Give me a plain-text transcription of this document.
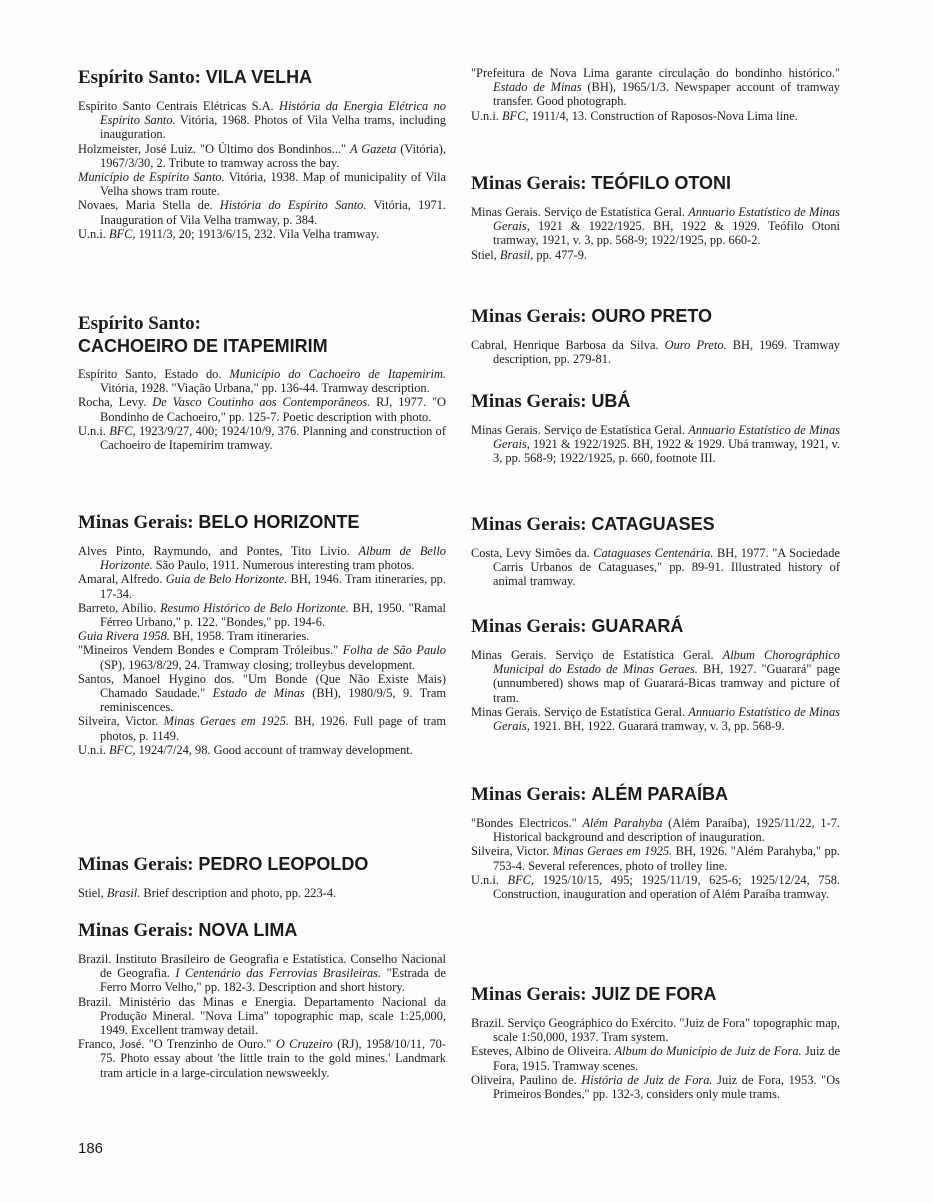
Espírito Santo: VILA VELHA

Espírito Santo Centrais Elétricas S.A. História da Energia Elétrica no Espírito Santo. Vitória, 1968. Photos of Vila Velha trams, including inauguration.

Holzmeister, José Luiz. "O Último dos Bondinhos..." A Gazeta (Vitória), 1967/3/30, 2. Tribute to tramway across the bay.

Município de Espírito Santo. Vitória, 1938. Map of municipality of Vila Velha shows tram route.

Novaes, Maria Stella de. História do Espírito Santo. Vitória, 1971. Inauguration of Vila Velha tramway, p. 384.

U.n.i. BFC, 1911/3, 20; 1913/6/15, 232. Vila Velha tramway.

Espírito Santo:
CACHOEIRO DE ITAPEMIRIM

Espírito Santo, Estado do. Município do Cachoeiro de Itapemirim. Vitória, 1928. "Viação Urbana," pp. 136-44. Tramway description.

Rocha, Levy. De Vasco Coutinho aos Contemporâneos. RJ, 1977. "O Bondinho de Cachoeiro," pp. 125-7. Poetic description with photo.

U.n.i. BFC, 1923/9/27, 400; 1924/10/9, 376. Planning and construction of Cachoeiro de Itapemirim tramway.

Minas Gerais: BELO HORIZONTE

Alves Pinto, Raymundo, and Pontes, Tito Livio. Album de Bello Horizonte. São Paulo, 1911. Numerous interesting tram photos.

Amaral, Alfredo. Guia de Belo Horizonte. BH, 1946. Tram itineraries, pp. 17-34.

Barreto, Abílio. Resumo Histórico de Belo Horizonte. BH, 1950. "Ramal Férreo Urbano," p. 122. "Bondes," pp. 194-6.

Guia Rivera 1958. BH, 1958. Tram itineraries.

"Mineiros Vendem Bondes e Compram Tróleibus." Folha de São Paulo (SP), 1963/8/29, 24. Tramway closing; trolleybus development.

Santos, Manoel Hygino dos. "Um Bonde (Que Não Existe Mais) Chamado Saudade." Estado de Minas (BH), 1980/9/5, 9. Tram reminiscences.

Silveira, Victor. Minas Geraes em 1925. BH, 1926. Full page of tram photos, p. 1149.

U.n.i. BFC, 1924/7/24, 98. Good account of tramway development.

Minas Gerais: PEDRO LEOPOLDO

Stiel, Brasil. Brief description and photo, pp. 223-4.

Minas Gerais: NOVA LIMA

Brazil. Instituto Brasileiro de Geografia e Estatística. Conselho Nacional de Geografia. I Centenário das Ferrovias Brasileiras. "Estrada de Ferro Morro Velho," pp. 182-3. Description and short history.

Brazil. Ministério das Minas e Energia. Departamento Nacional da Produção Mineral. "Nova Lima" topographic map, scale 1:25,000, 1949. Excellent tramway detail.

Franco, José. "O Trenzinho de Ouro." O Cruzeiro (RJ), 1958/10/11, 70-75. Photo essay about 'the little train to the gold mines.' Landmark tram article in a large-circulation newsweekly.

"Prefeitura de Nova Lima garante circulação do bondinho histórico." Estado de Minas (BH), 1965/1/3. Newspaper account of tramway transfer. Good photograph.

U.n.i. BFC, 1911/4, 13. Construction of Raposos-Nova Lima line.

Minas Gerais: TEÓFILO OTONI

Minas Gerais. Serviço de Estatística Geral. Annuario Estatístico de Minas Gerais, 1921 & 1922/1925. BH, 1922 & 1929. Teófilo Otoni tramway, 1921, v. 3, pp. 568-9; 1922/1925, pp. 660-2.

Stiel, Brasil, pp. 477-9.

Minas Gerais: OURO PRETO

Cabral, Henrique Barbosa da Silva. Ouro Preto. BH, 1969. Tramway description, pp. 279-81.

Minas Gerais: UBÁ

Minas Gerais. Serviço de Estatística Geral. Annuario Estatístico de Minas Gerais, 1921 & 1922/1925. BH, 1922 & 1929. Ubá tramway, 1921, v. 3, pp. 568-9; 1922/1925, p. 660, footnote III.

Minas Gerais: CATAGUASES

Costa, Levy Simões da. Cataguases Centenária. BH, 1977. "A Sociedade Carris Urbanos de Cataguases," pp. 89-91. Illustrated history of animal tramway.

Minas Gerais: GUARARÁ

Minas Gerais. Serviço de Estatística Geral. Album Chorográphico Municipal do Estado de Minas Geraes. BH, 1927. "Guarará" page (unnumbered) shows map of Guarará-Bicas tramway and picture of tram.

Minas Gerais. Serviço de Estatística Geral. Annuario Estatístico de Minas Gerais, 1921. BH, 1922. Guarará tramway, v. 3, pp. 568-9.

Minas Gerais: ALÉM PARAÍBA

"Bondes Electricos." Além Parahyba (Além Paraíba), 1925/11/22, 1-7. Historical background and description of inauguration.

Silveira, Victor. Minas Geraes em 1925. BH, 1926. "Além Parahyba," pp. 753-4. Several references, photo of trolley line.

U.n.i. BFC, 1925/10/15, 495; 1925/11/19, 625-6; 1925/12/24, 758. Construction, inauguration and operation of Além Paraíba tramway.

Minas Gerais: JUIZ DE FORA

Brazil. Serviço Geográphico do Exército. "Juiz de Fora" topographic map, scale 1:50,000, 1937. Tram system.

Esteves, Albino de Oliveira. Album do Município de Juiz de Fora. Juiz de Fora, 1915. Tramway scenes.

Oliveira, Paulino de. História de Juiz de Fora. Juiz de Fora, 1953. "Os Primeiros Bondes," pp. 132-3, considers only mule trams.

186
